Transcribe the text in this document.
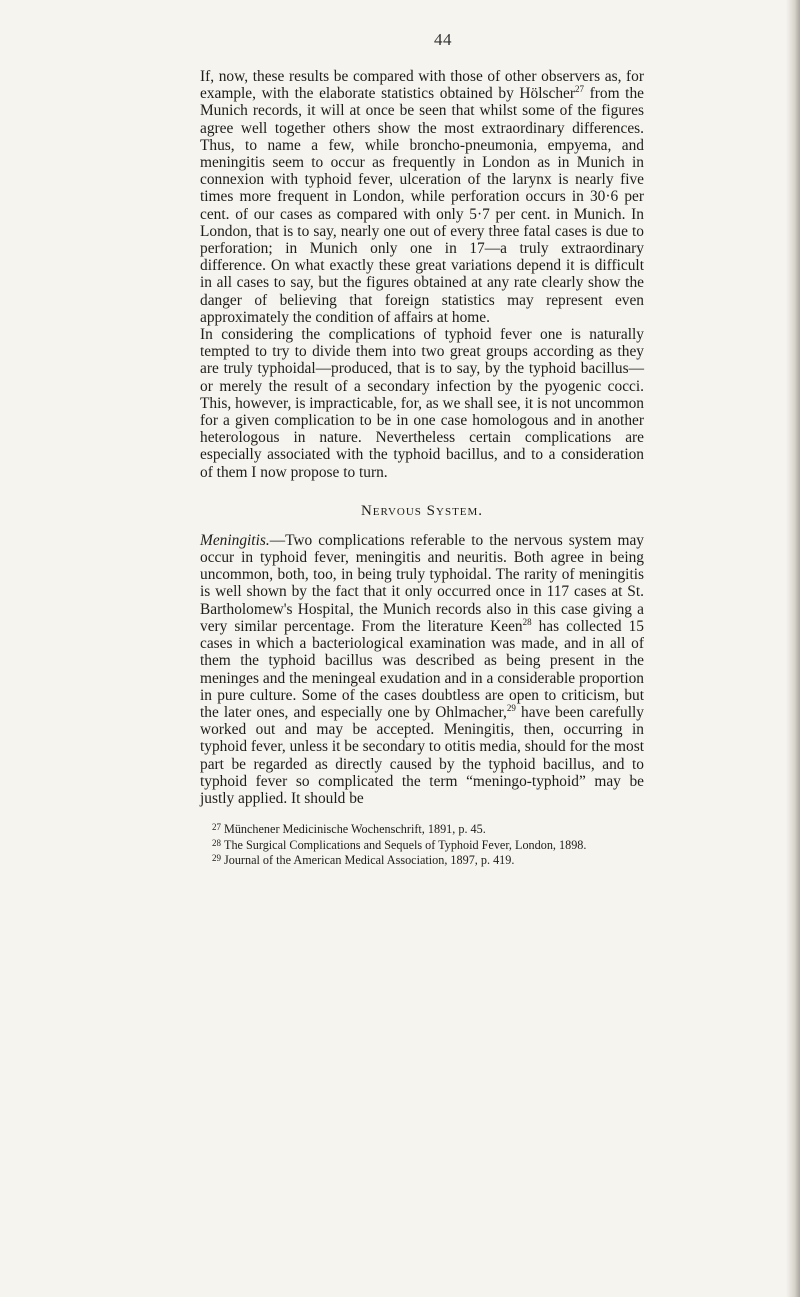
44

If, now, these results be compared with those of other observers as, for example, with the elaborate statistics obtained by Hölscher$^{27}$ from the Munich records, it will at once be seen that whilst some of the figures agree well together others show the most extraordinary differences. Thus, to name a few, while broncho-pneumonia, empyema, and meningitis seem to occur as frequently in London as in Munich in connexion with typhoid fever, ulceration of the larynx is nearly five times more frequent in London, while perforation occurs in 30·6 per cent. of our cases as compared with only 5·7 per cent. in Munich. In London, that is to say, nearly one out of every three fatal cases is due to perforation; in Munich only one in 17—a truly extraordinary difference. On what exactly these great variations depend it is difficult in all cases to say, but the figures obtained at any rate clearly show the danger of believing that foreign statistics may represent even approximately the condition of affairs at home.

In considering the complications of typhoid fever one is naturally tempted to try to divide them into two great groups according as they are truly typhoidal—produced, that is to say, by the typhoid bacillus—or merely the result of a secondary infection by the pyogenic cocci. This, however, is impracticable, for, as we shall see, it is not uncommon for a given complication to be in one case homologous and in another heterologous in nature. Nevertheless certain complications are especially associated with the typhoid bacillus, and to a consideration of them I now propose to turn.

Nervous System.

Meningitis.—Two complications referable to the nervous system may occur in typhoid fever, meningitis and neuritis. Both agree in being uncommon, both, too, in being truly typhoidal. The rarity of meningitis is well shown by the fact that it only occurred once in 117 cases at St. Bartholomew's Hospital, the Munich records also in this case giving a very similar percentage. From the literature Keen$^{28}$ has collected 15 cases in which a bacteriological examination was made, and in all of them the typhoid bacillus was described as being present in the meninges and the meningeal exudation and in a considerable proportion in pure culture. Some of the cases doubtless are open to criticism, but the later ones, and especially one by Ohlmacher,$^{29}$ have been carefully worked out and may be accepted. Meningitis, then, occurring in typhoid fever, unless it be secondary to otitis media, should for the most part be regarded as directly caused by the typhoid bacillus, and to typhoid fever so complicated the term “meningo-typhoid” may be justly applied. It should be

$^{27}$ Münchener Medicinische Wochenschrift, 1891, p. 45.

$^{28}$ The Surgical Complications and Sequels of Typhoid Fever, London, 1898.

$^{29}$ Journal of the American Medical Association, 1897, p. 419.
